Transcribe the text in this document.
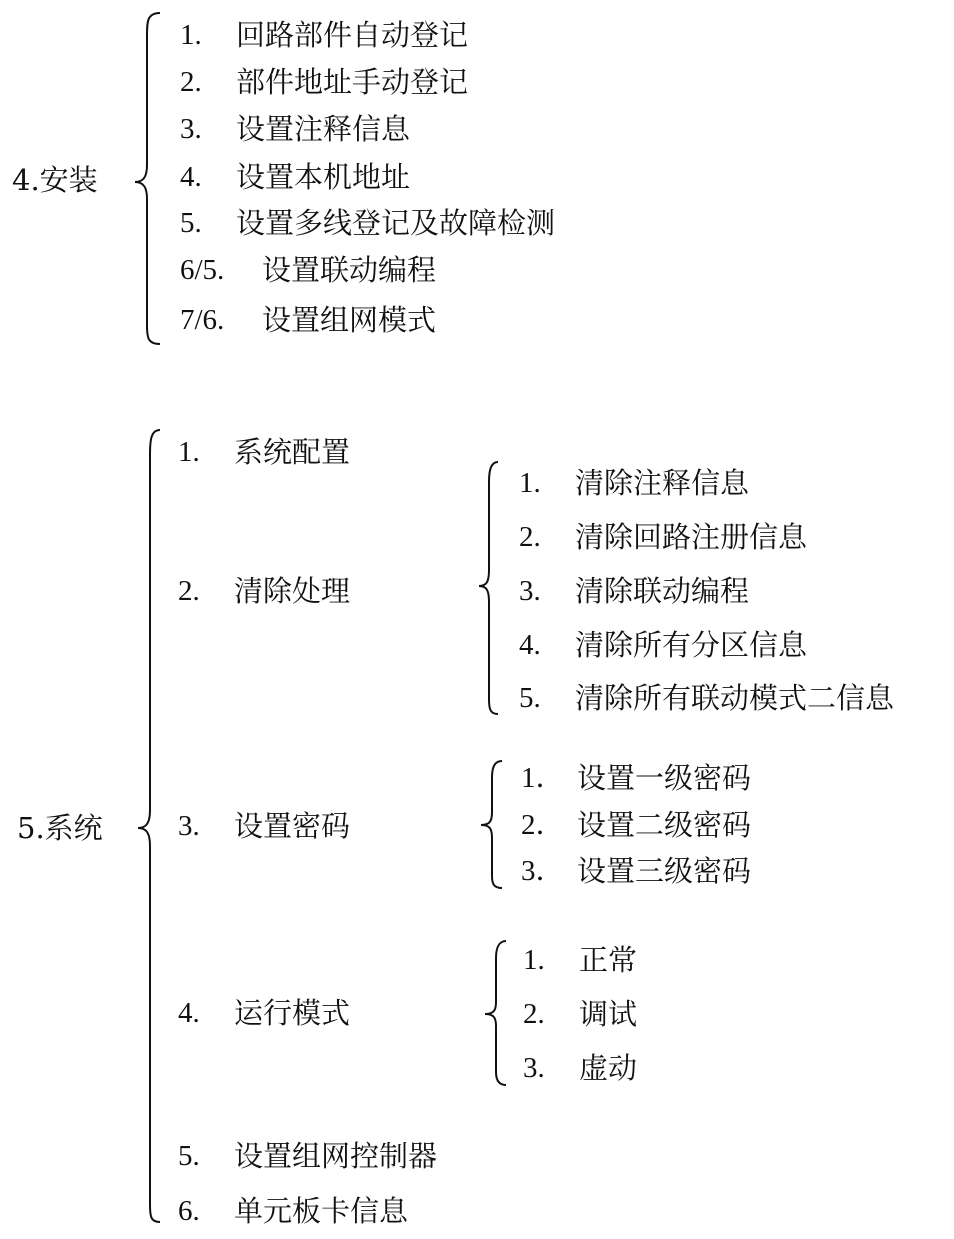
4.安装
1. 回路部件自动登记
2. 部件地址手动登记
3. 设置注释信息
4. 设置本机地址
5. 设置多线登记及故障检测
6/5. 设置联动编程
7/6. 设置组网模式
5.系统
1. 系统配置
2. 清除处理
3. 设置密码
4. 运行模式
5. 设置组网控制器
6. 单元板卡信息
1. 清除注释信息
2. 清除回路注册信息
3. 清除联动编程
4. 清除所有分区信息
5. 清除所有联动模式二信息
1． 设置一级密码
2． 设置二级密码
3． 设置三级密码
1. 正常
2. 调试
3. 虚动
